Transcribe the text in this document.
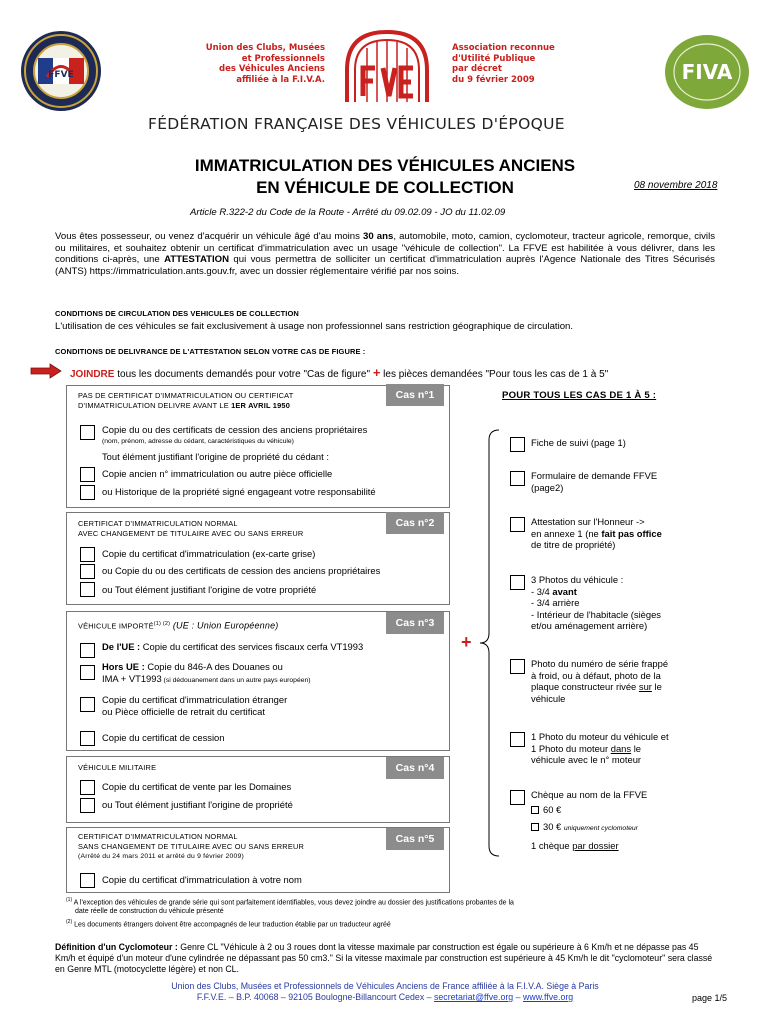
FFVE
Union des Clubs, Musées
et Professionnels
des Véhicules Anciens
affiliée à la F.I.V.A.
Association reconnue
d'Utilité Publique
par décret
du 9 février 2009	FIVA
FÉDÉRATION FRANÇAISE DES VÉHICULES D'ÉPOQUE
IMMATRICULATION DES VÉHICULES ANCIENS
EN VÉHICULE DE COLLECTION	08 novembre 2018
Article R.322-2 du Code de la Route - Arrêté du 09.02.09 - JO du 11.02.09
Vous êtes possesseur, ou venez d'acquérir un véhicule âgé d'au moins 30 ans, automobile, moto, camion, cyclomoteur, tracteur agricole, remorque, civils ou militaires, et souhaitez obtenir un certificat d'immatriculation avec un usage "véhicule de collection". La FFVE est habilitée à vous délivrer, dans les conditions ci-après, une ATTESTATION qui vous permettra de solliciter un certificat d'immatriculation auprès l'Agence Nationale des Titres Sécurisés (ANTS) https://immatriculation.ants.gouv.fr, avec un dossier réglementaire vérifié par nos soins.
CONDITIONS DE CIRCULATION DES VEHICULES DE COLLECTION
L'utilisation de ces véhicules se fait exclusivement à usage non professionnel sans restriction géographique de circulation.
CONDITIONS DE DELIVRANCE DE L'ATTESTATION SELON VOTRE CAS DE FIGURE :
JOINDRE tous les documents demandés pour votre "Cas de figure" + les pièces demandées "Pour tous les cas de 1 à 5"
PAS DE CERTIFICAT D'IMMATRICULATION OU CERTIFICAT
D'IMMATRICULATION DELIVRE AVANT LE 1ER AVRIL 1950
Cas n°1
Copie du ou des certificats de cession des anciens propriétaires
(nom, prénom, adresse du cédant, caractéristiques du véhicule)
Tout élément justifiant l'origine de propriété du cédant :
Copie ancien n° immatriculation ou autre pièce officielle
ou Historique de la propriété signé engageant votre responsabilité
CERTIFICAT D'IMMATRICULATION NORMAL
AVEC CHANGEMENT DE TITULAIRE AVEC OU SANS ERREUR
Cas n°2
Copie du certificat d'immatriculation (ex-carte grise)
ou Copie du ou des certificats de cession des anciens propriétaires
ou Tout élément justifiant l'origine de votre propriété
VÉHICULE $IMPORTÉ^{(1) (2)}$ (UE : Union Européenne)	Cas n°3
De l'UE : Copie du certificat des services fiscaux cerfa VT1993
Hors UE : Copie du 846-A des Douanes ou
IMA + VT1993 (si dédouanement dans un autre pays européen)
Copie du certificat d'immatriculation étranger
ou Pièce officielle de retrait du certificat
Copie du certificat de cession
VÉHICULE MILITAIRE	Cas n°4
Copie du certificat de vente par les Domaines
ou Tout élément justifiant l'origine de propriété
CERTIFICAT D'IMMATRICULATION NORMAL
SANS CHANGEMENT DE TITULAIRE AVEC OU SANS ERREUR
(Arrêté du 24 mars 2011 et arrêté du 9 février 2009)
Cas n°5
Copie du certificat d'immatriculation à votre nom
POUR TOUS LES CAS DE 1 À 5 :
+
Fiche de suivi (page 1)
Formulaire de demande FFVE
(page2)
Attestation sur l'Honneur ->
en annexe 1 (ne fait pas office
de titre de propriété)
3 Photos du véhicule :
- 3/4 avant
- 3/4 arrière
- Intérieur de l'habitacle (sièges
et/ou aménagement arrière)
Photo du numéro de série frappé
à froid, ou à défaut, photo de la
plaque constructeur rivée sur le
véhicule
1 Photo du moteur du véhicule et
1 Photo du moteur dans le
véhicule avec le n° moteur
Chèque au nom de la FFVE
60 €
30 € uniquement cyclomoteur
1 chèque par dossier
$^{(1)}$ A l'exception des véhicules de grande série qui sont parfaitement identifiables, vous devez joindre au dossier des justifications probantes de la
date réelle de construction du véhicule présenté
$^{(2)}$ Les documents étrangers doivent être accompagnés de leur traduction établie par un traducteur agréé
Définition d'un Cyclomoteur : Genre CL "Véhicule à 2 ou 3 roues dont la vitesse maximale par construction est égale ou supérieure à 6 Km/h et ne dépasse pas 45 Km/h et équipé d'un moteur d'une cylindrée ne dépassant pas 50 cm3." Si la vitesse maximale par construction est supérieure à 45 Km/h le dit "cyclomoteur" sera classé en Genre MTL (motocyclette légère) et non CL.
Union des Clubs, Musées et Professionnels de Véhicules Anciens de France affiliée à la F.I.V.A. Siège à Paris
F.F.V.E. – B.P. 40068 – 92105 Boulogne-Billancourt Cedex – secretariat@ffve.org – www.ffve.org	page 1/5
